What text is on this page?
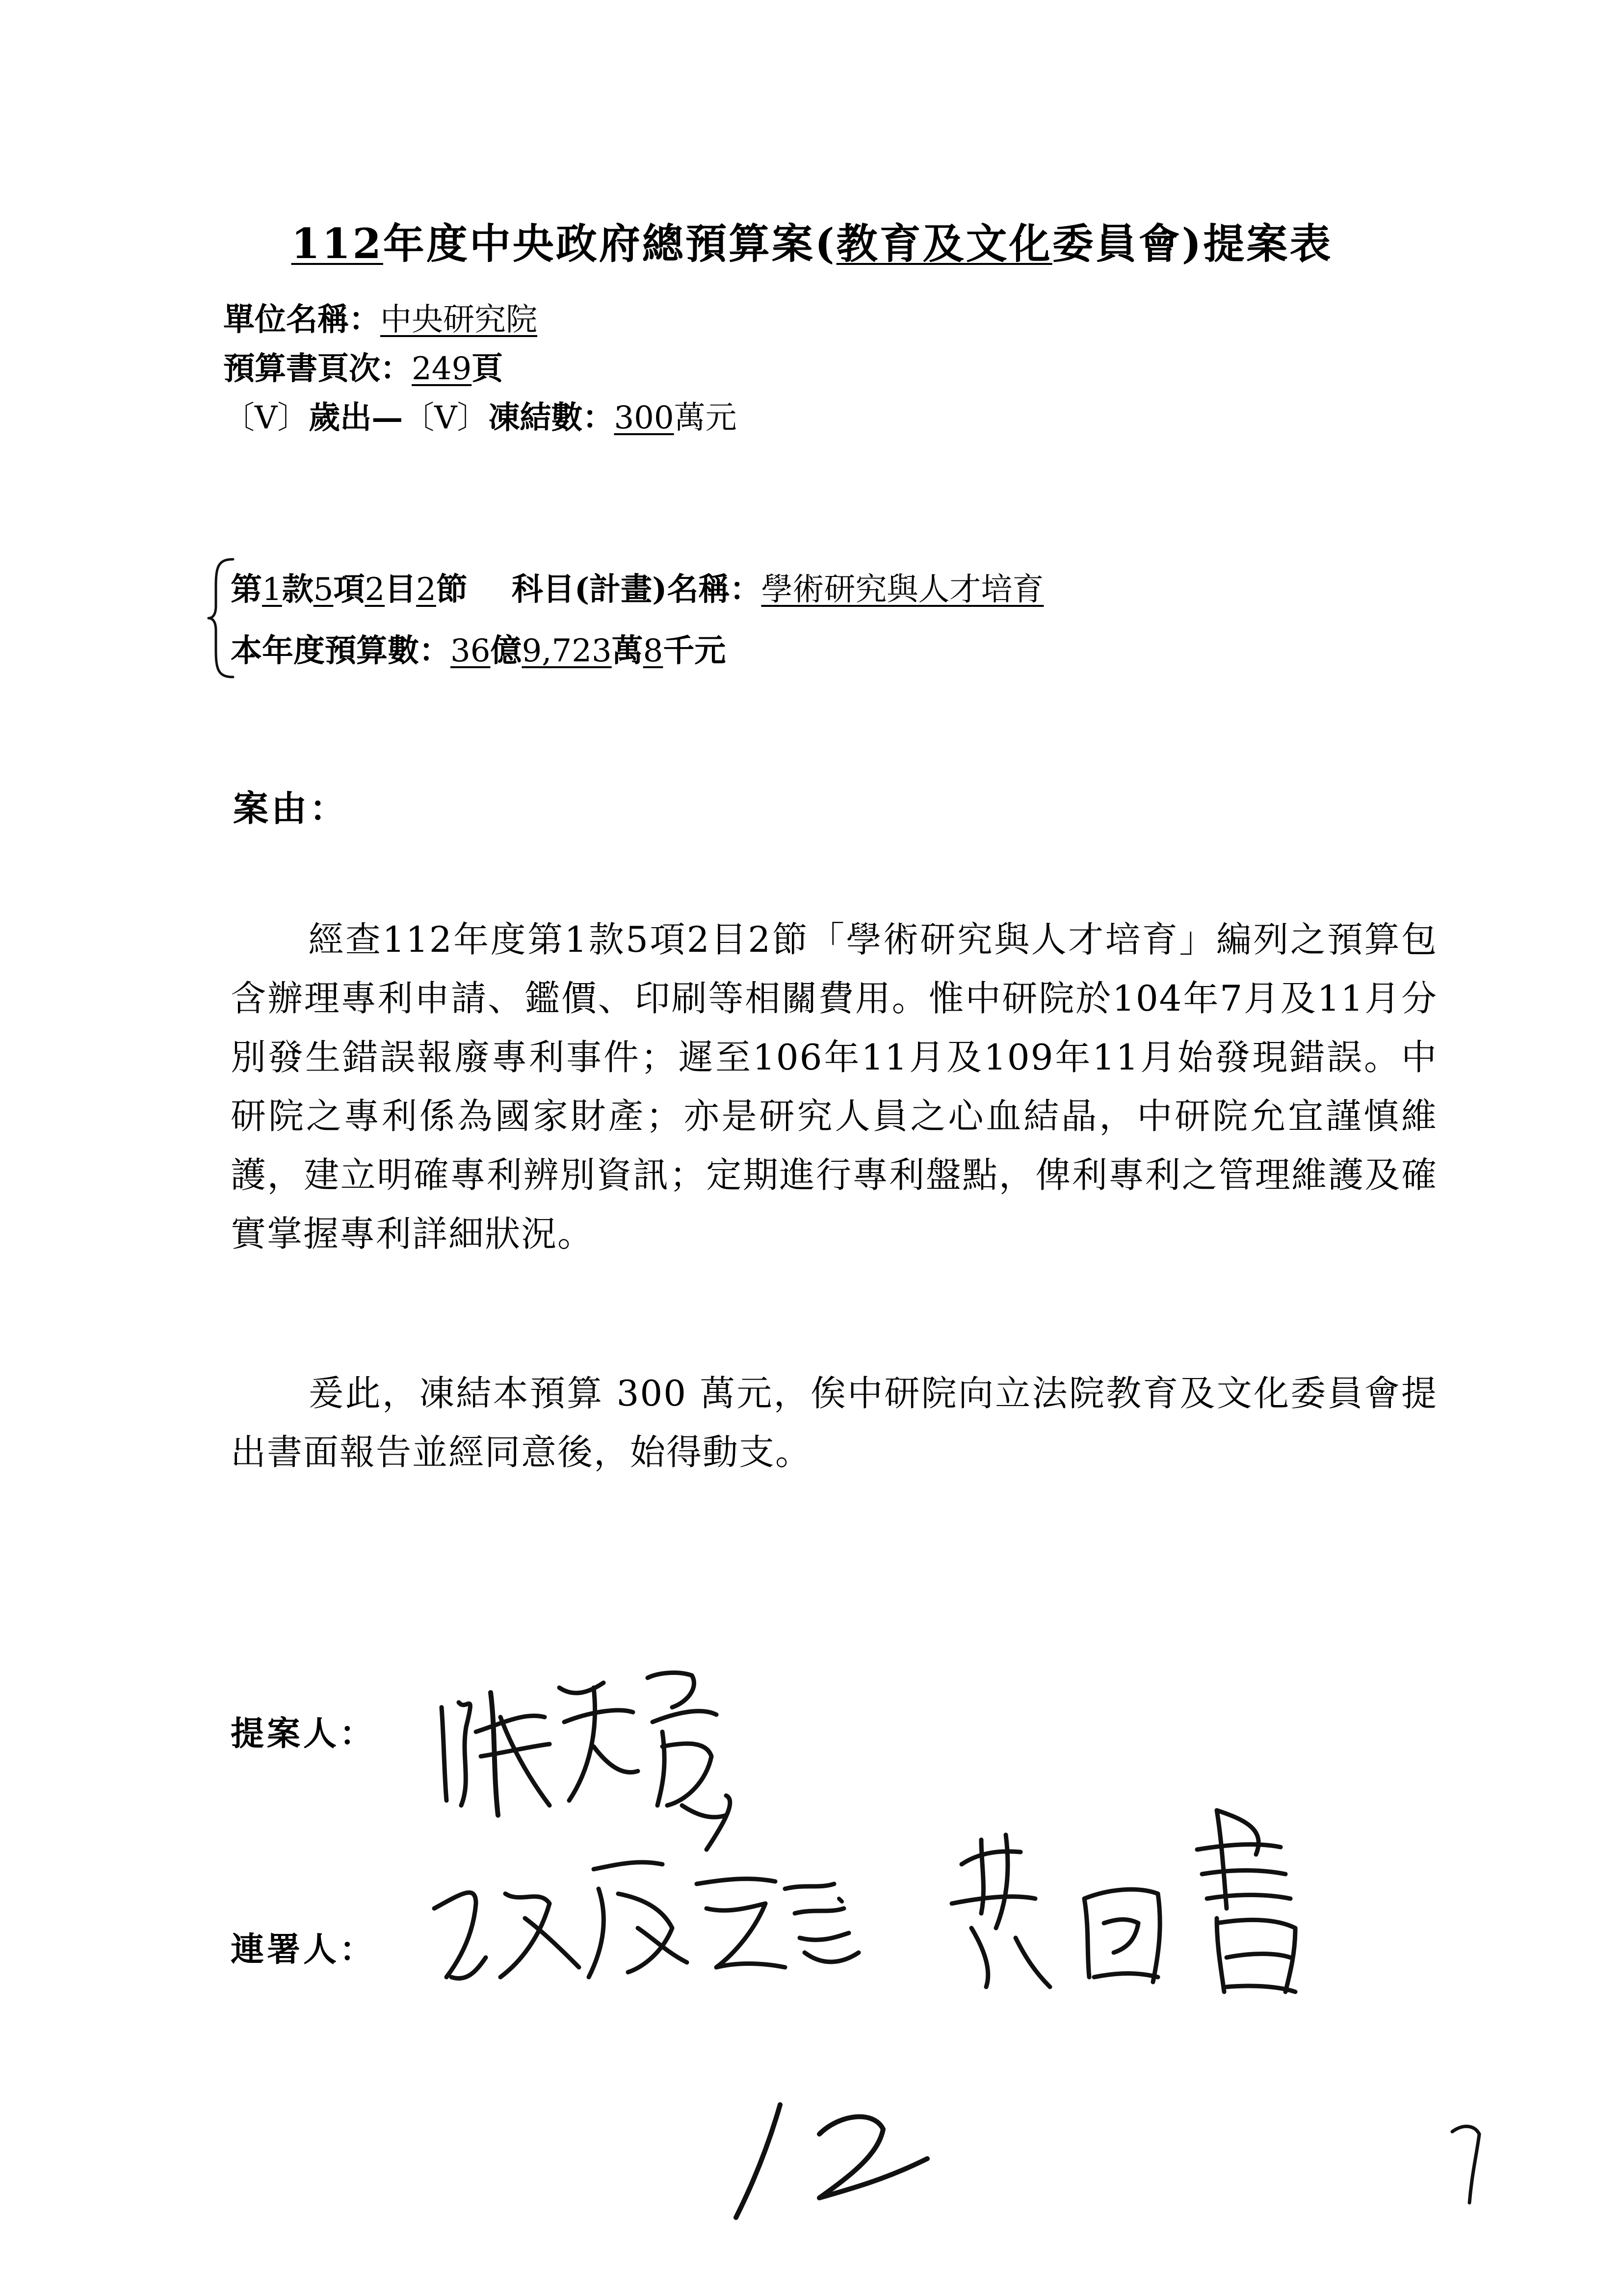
112年度中央政府總預算案(教育及文化委員會)提案表
單位名稱：中央研究院
預算書頁次：249頁
〔V〕歲出—〔V〕凍結數：300萬元
第1款5項2目2節 科目(計畫)名稱：學術研究與人才培育
本年度預算數：36億9,723萬8千元
案由：
經查112年度第1款5項2目2節「學術研究與人才培育」編列之預算包含辦理專利申請、鑑價、印刷等相關費用。惟中研院於104年7月及11月分別發生錯誤報廢專利事件；遲至106年11月及109年11月始發現錯誤。中研院之專利係為國家財產；亦是研究人員之心血結晶，中研院允宜謹慎維護，建立明確專利辨別資訊；定期進行專利盤點，俾利專利之管理維護及確實掌握專利詳細狀況。
爰此，凍結本預算 300 萬元，俟中研院向立法院教育及文化委員會提出書面報告並經同意後，始得動支。
提案人：
連署人：
